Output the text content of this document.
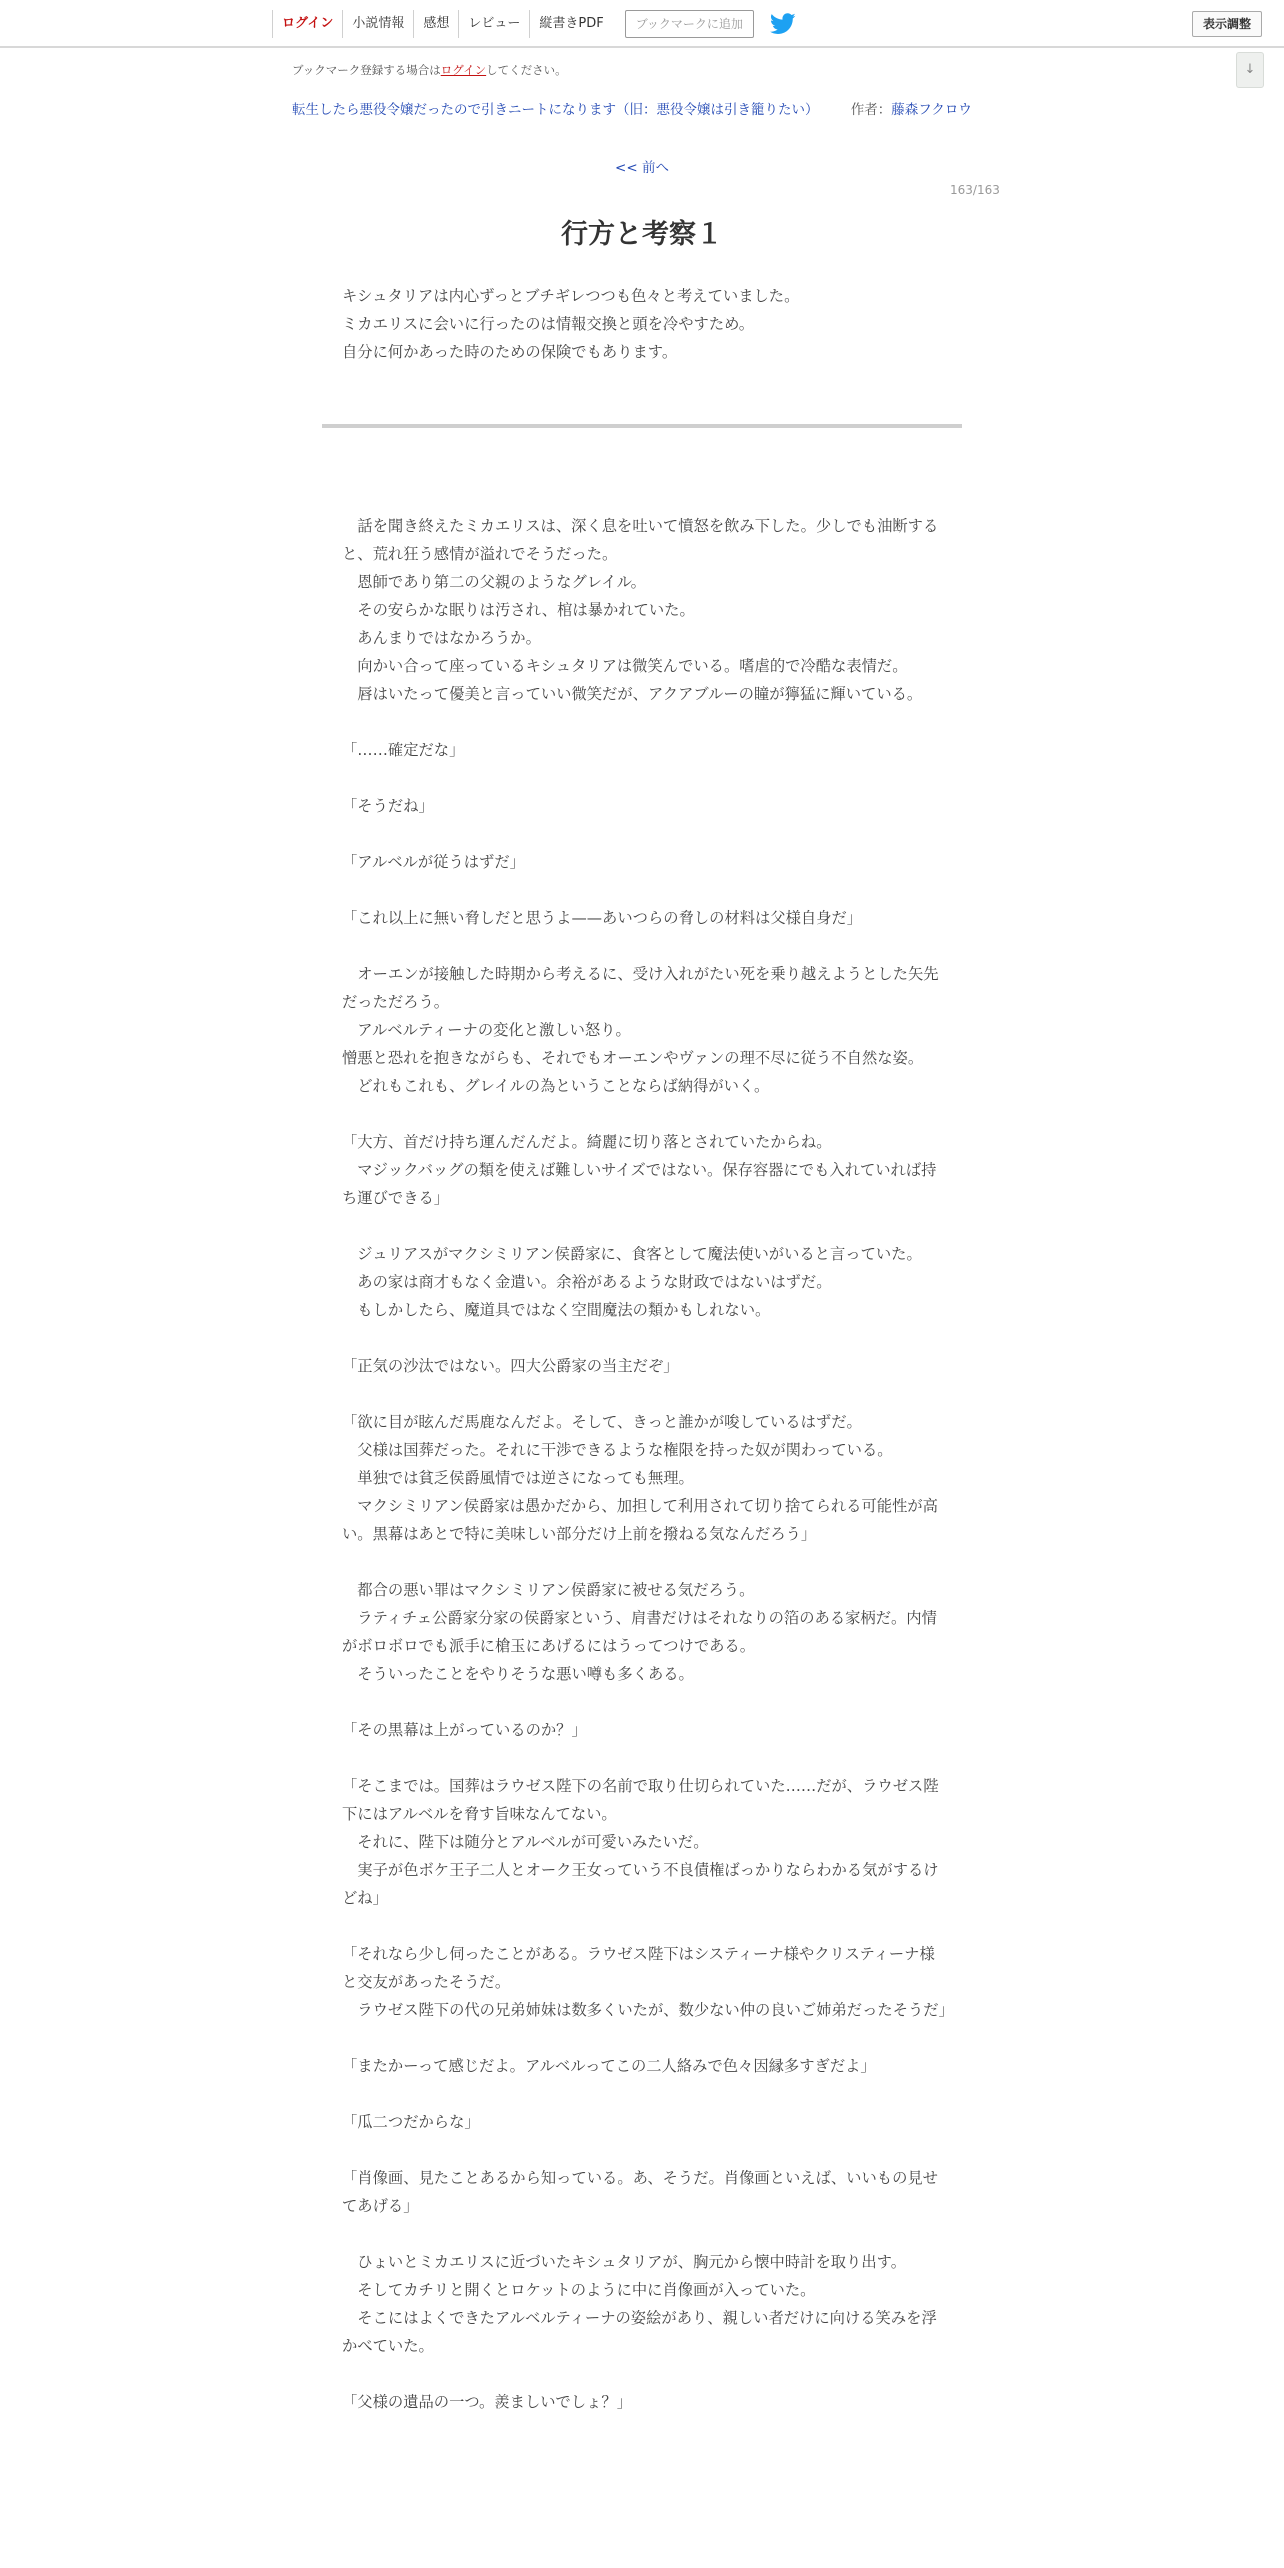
ログイン	小説情報	感想	レビュー	縦書きPDF	ブックマークに追加	表示調整
↓
ブックマーク登録する場合はログインしてください。
転生したら悪役令嬢だったので引きニートになります（旧：悪役令嬢は引き籠りたい） 作者：藤森フクロウ
<< 前へ
163/163
行方と考察１
キシュタリアは内心ずっとブチギレつつも色々と考えていました。
ミカエリスに会いに行ったのは情報交換と頭を冷やすため。
自分に何かあった時のための保険でもあります。
　話を聞き終えたミカエリスは、深く息を吐いて憤怒を飲み下した。少しでも油断すると、荒れ狂う感情が溢れでそうだった。
　恩師であり第二の父親のようなグレイル。
　その安らかな眠りは汚され、棺は暴かれていた。
　あんまりではなかろうか。
　向かい合って座っているキシュタリアは微笑んでいる。嗜虐的で冷酷な表情だ。
　唇はいたって優美と言っていい微笑だが、アクアブルーの瞳が獰猛に輝いている。
「……確定だな」
「そうだね」
「アルベルが従うはずだ」
「これ以上に無い脅しだと思うよ——あいつらの脅しの材料は父様自身だ」
　オーエンが接触した時期から考えるに、受け入れがたい死を乗り越えようとした矢先だっただろう。
　アルベルティーナの変化と激しい怒り。
憎悪と恐れを抱きながらも、それでもオーエンやヴァンの理不尽に従う不自然な姿。
　どれもこれも、グレイルの為ということならば納得がいく。
「大方、首だけ持ち運んだんだよ。綺麗に切り落とされていたからね。
　マジックバッグの類を使えば難しいサイズではない。保存容器にでも入れていれば持ち運びできる」
　ジュリアスがマクシミリアン侯爵家に、食客として魔法使いがいると言っていた。
　あの家は商才もなく金遣い。余裕があるような財政ではないはずだ。
　もしかしたら、魔道具ではなく空間魔法の類かもしれない。
「正気の沙汰ではない。四大公爵家の当主だぞ」
「欲に目が眩んだ馬鹿なんだよ。そして、きっと誰かが唆しているはずだ。
　父様は国葬だった。それに干渉できるような権限を持った奴が関わっている。
　単独では貧乏侯爵風情では逆さになっても無理。
　マクシミリアン侯爵家は愚かだから、加担して利用されて切り捨てられる可能性が高い。黒幕はあとで特に美味しい部分だけ上前を撥ねる気なんだろう」
　都合の悪い罪はマクシミリアン侯爵家に被せる気だろう。
　ラティチェ公爵家分家の侯爵家という、肩書だけはそれなりの箔のある家柄だ。内情がボロボロでも派手に槍玉にあげるにはうってつけである。
　そういったことをやりそうな悪い噂も多くある。
「その黒幕は上がっているのか？」
「そこまでは。国葬はラウゼス陛下の名前で取り仕切られていた……だが、ラウゼス陛下にはアルベルを脅す旨味なんてない。
　それに、陛下は随分とアルベルが可愛いみたいだ。
　実子が色ボケ王子二人とオーク王女っていう不良債権ばっかりならわかる気がするけどね」
「それなら少し伺ったことがある。ラウゼス陛下はシスティーナ様やクリスティーナ様と交友があったそうだ。
　ラウゼス陛下の代の兄弟姉妹は数多くいたが、数少ない仲の良いご姉弟だったそうだ」
「またかーって感じだよ。アルベルってこの二人絡みで色々因縁多すぎだよ」
「瓜二つだからな」
「肖像画、見たことあるから知っている。あ、そうだ。肖像画といえば、いいもの見せてあげる」
　ひょいとミカエリスに近づいたキシュタリアが、胸元から懐中時計を取り出す。
　そしてカチリと開くとロケットのように中に肖像画が入っていた。
　そこにはよくできたアルベルティーナの姿絵があり、親しい者だけに向ける笑みを浮かべていた。
「父様の遺品の一つ。羨ましいでしょ？」
